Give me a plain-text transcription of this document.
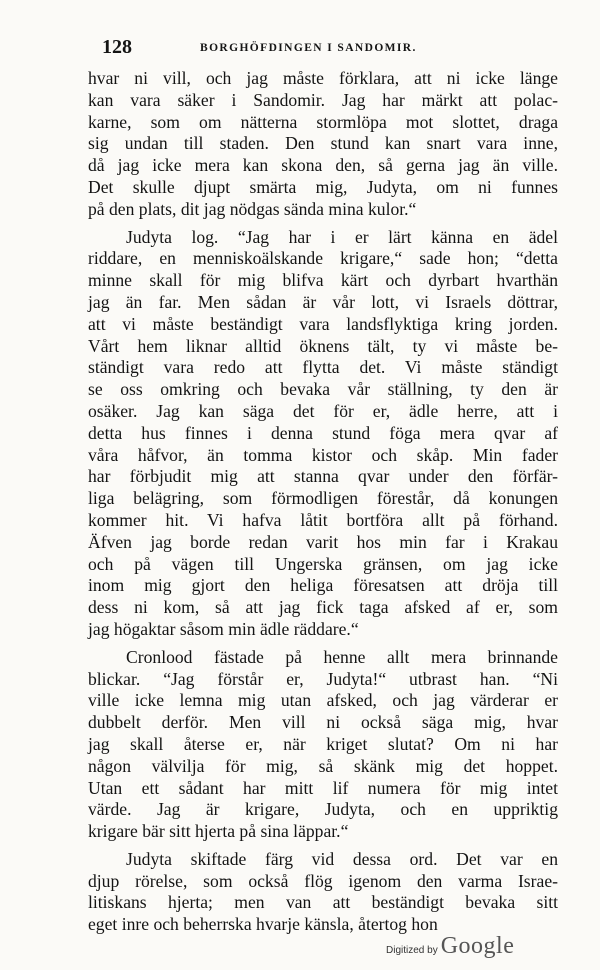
128	BORGHÖFDINGEN I SANDOMIR.
hvar ni vill, och jag måste förklara, att ni icke länge
kan vara säker i Sandomir. Jag har märkt att polac-
karne, som om nätterna stormlöpa mot slottet, draga
sig undan till staden. Den stund kan snart vara inne,
då jag icke mera kan skona den, så gerna jag än ville.
Det skulle djupt smärta mig, Judyta, om ni funnes
på den plats, dit jag nödgas sända mina kulor.“
Judyta log. “Jag har i er lärt känna en ädel
riddare, en menniskoälskande krigare,“ sade hon; “detta
minne skall för mig blifva kärt och dyrbart hvarthän
jag än far. Men sådan är vår lott, vi Israels döttrar,
att vi måste beständigt vara landsflyktiga kring jorden.
Vårt hem liknar alltid öknens tält, ty vi måste be-
ständigt vara redo att flytta det. Vi måste ständigt
se oss omkring och bevaka vår ställning, ty den är
osäker. Jag kan säga det för er, ädle herre, att i
detta hus finnes i denna stund föga mera qvar af
våra håfvor, än tomma kistor och skåp. Min fader
har förbjudit mig att stanna qvar under den förfär-
liga belägring, som förmodligen förestår, då konungen
kommer hit. Vi hafva låtit bortföra allt på förhand.
Äfven jag borde redan varit hos min far i Krakau
och på vägen till Ungerska gränsen, om jag icke
inom mig gjort den heliga föresatsen att dröja till
dess ni kom, så att jag fick taga afsked af er, som
jag högaktar såsom min ädle räddare.“
Cronlood fästade på henne allt mera brinnande
blickar. “Jag förstår er, Judyta!“ utbrast han. “Ni
ville icke lemna mig utan afsked, och jag värderar er
dubbelt derför. Men vill ni också säga mig, hvar
jag skall återse er, när kriget slutat? Om ni har
någon välvilja för mig, så skänk mig det hoppet.
Utan ett sådant har mitt lif numera för mig intet
värde. Jag är krigare, Judyta, och en uppriktig
krigare bär sitt hjerta på sina läppar.“
Judyta skiftade färg vid dessa ord. Det var en
djup rörelse, som också flög igenom den varma Israe-
litiskans hjerta; men van att beständigt bevaka sitt
eget inre och beherrska hvarje känsla, återtog hon
Digitized by Google
